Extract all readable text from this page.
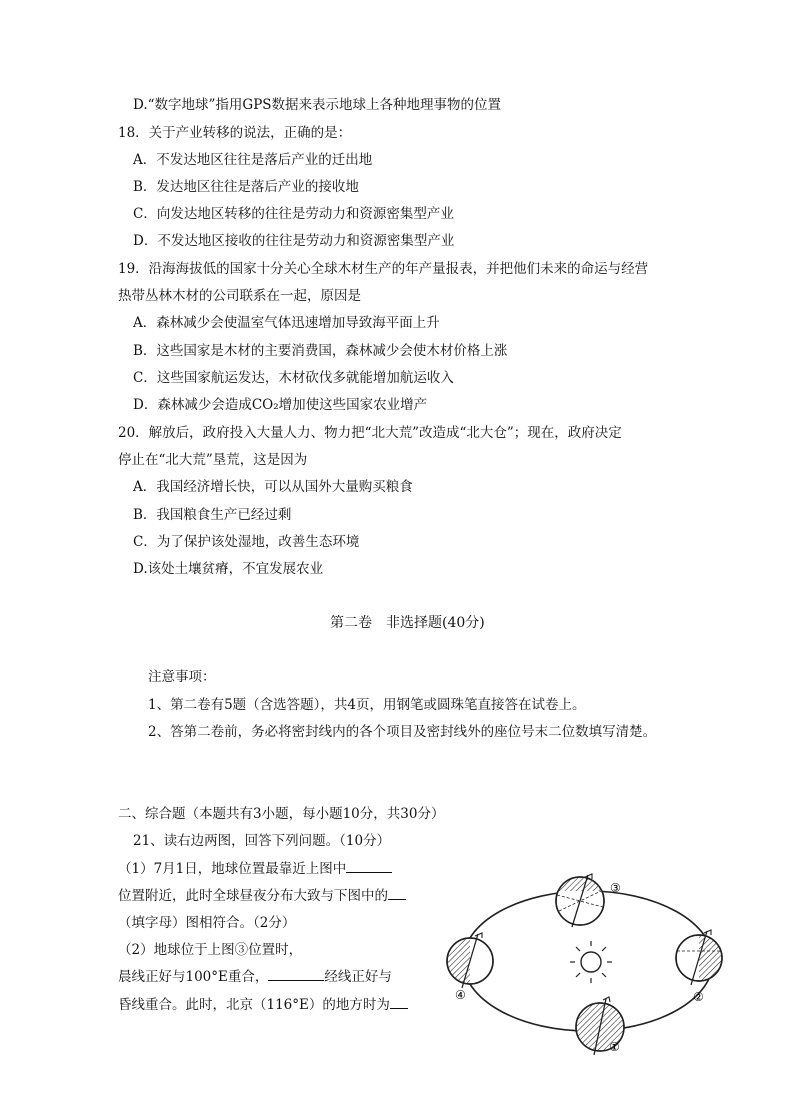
D.“数字地球”指用GPS数据来表示地球上各种地理事物的位置
18．关于产业转移的说法，正确的是：
A．不发达地区往往是落后产业的迁出地
B．发达地区往往是落后产业的接收地
C．向发达地区转移的往往是劳动力和资源密集型产业
D．不发达地区接收的往往是劳动力和资源密集型产业
19．沿海海拔低的国家十分关心全球木材生产的年产量报表，并把他们未来的命运与经营
热带丛林木材的公司联系在一起，原因是
A．森林减少会使温室气体迅速增加导致海平面上升
B．这些国家是木材的主要消费国，森林减少会使木材价格上涨
C．这些国家航运发达，木材砍伐多就能增加航运收入
D．森林减少会造成CO₂增加使这些国家农业增产
20．解放后，政府投入大量人力、物力把“北大荒”改造成“北大仓”；现在，政府决定
停止在“北大荒”垦荒，这是因为
A．我国经济增长快，可以从国外大量购买粮食
B．我国粮食生产已经过剩
C．为了保护该处湿地，改善生态环境
D.该处土壤贫瘠，不宜发展农业
第二卷　非选择题(40分)
注意事项：
1、第二卷有5题（含选答题），共4页，用钢笔或圆珠笔直接答在试卷上。
2、答第二卷前，务必将密封线内的各个项目及密封线外的座位号末二位数填写清楚。
二、综合题（本题共有3小题，每小题10分，共30分）
21、读右边两图，回答下列问题。（10分）
（1）7月1日，地球位置最靠近上图中
位置附近，此时全球昼夜分布大致与下图中的
（填字母）图相符合。（2分）
（2）地球位于上图③位置时，
晨线正好与100°E重合，	经线正好与
昏线重合。此时，北京（116°E）的地方时为
①
②
③
④
